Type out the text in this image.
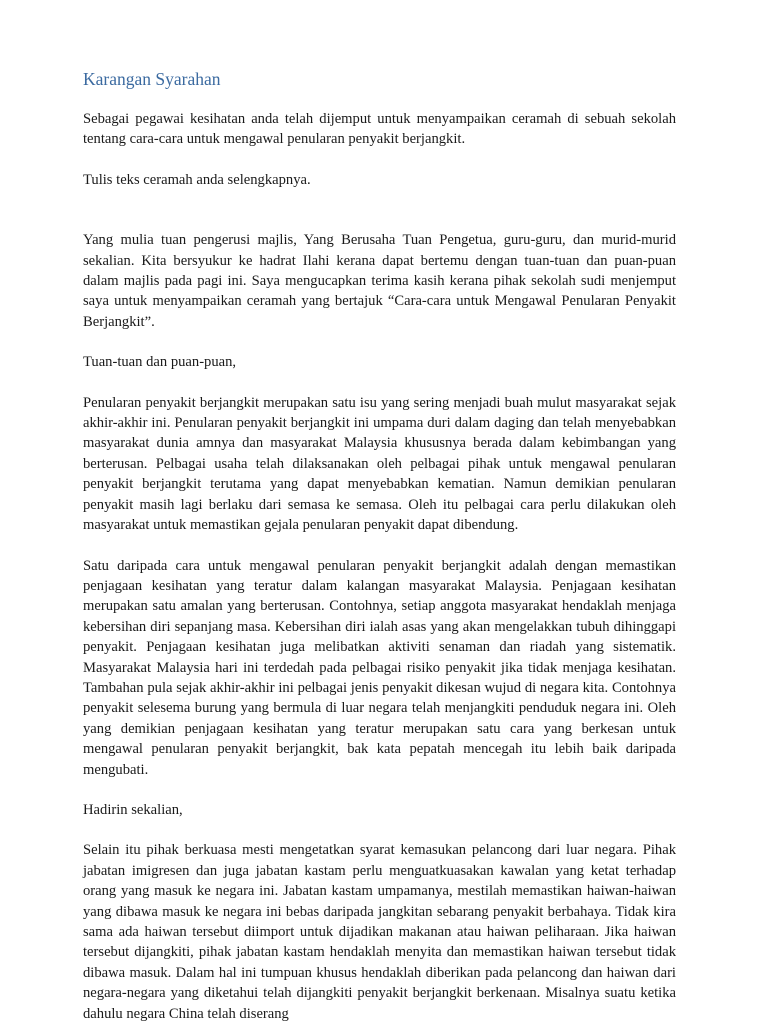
Karangan Syarahan

Sebagai pegawai kesihatan anda telah dijemput untuk menyampaikan ceramah di sebuah sekolah tentang cara-cara untuk mengawal penularan penyakit berjangkit.

Tulis teks ceramah anda selengkapnya.

Yang mulia tuan pengerusi majlis, Yang Berusaha Tuan Pengetua, guru-guru, dan murid-murid sekalian. Kita bersyukur ke hadrat Ilahi kerana dapat bertemu dengan tuan-tuan dan puan-puan dalam majlis pada pagi ini. Saya mengucapkan terima kasih kerana pihak sekolah sudi menjemput saya untuk menyampaikan ceramah yang bertajuk “Cara-cara untuk Mengawal Penularan Penyakit Berjangkit”.

Tuan-tuan dan puan-puan,

Penularan penyakit berjangkit merupakan satu isu yang sering menjadi buah mulut masyarakat sejak akhir-akhir ini. Penularan penyakit berjangkit ini umpama duri dalam daging dan telah menyebabkan masyarakat dunia amnya dan masyarakat Malaysia khususnya berada dalam kebimbangan yang berterusan. Pelbagai usaha telah dilaksanakan oleh pelbagai pihak untuk mengawal penularan penyakit berjangkit terutama yang dapat menyebabkan kematian. Namun demikian penularan penyakit masih lagi berlaku dari semasa ke semasa. Oleh itu pelbagai cara perlu dilakukan oleh masyarakat untuk memastikan gejala penularan penyakit dapat dibendung.

Satu daripada cara untuk mengawal penularan penyakit berjangkit adalah dengan memastikan penjagaan kesihatan yang teratur dalam kalangan masyarakat Malaysia. Penjagaan kesihatan merupakan satu amalan yang berterusan. Contohnya, setiap anggota masyarakat hendaklah menjaga kebersihan diri sepanjang masa. Kebersihan diri ialah asas yang akan mengelakkan tubuh dihinggapi penyakit. Penjagaan kesihatan juga melibatkan aktiviti senaman dan riadah yang sistematik. Masyarakat Malaysia hari ini terdedah pada pelbagai risiko penyakit jika tidak menjaga kesihatan. Tambahan pula sejak akhir-akhir ini pelbagai jenis penyakit dikesan wujud di negara kita. Contohnya penyakit selesema burung yang bermula di luar negara telah menjangkiti penduduk negara ini. Oleh yang demikian penjagaan kesihatan yang teratur merupakan satu cara yang berkesan untuk mengawal penularan penyakit berjangkit, bak kata pepatah mencegah itu lebih baik daripada mengubati.

Hadirin sekalian,

Selain itu pihak berkuasa mesti mengetatkan syarat kemasukan pelancong dari luar negara. Pihak jabatan imigresen dan juga jabatan kastam perlu menguatkuasakan kawalan yang ketat terhadap orang yang masuk ke negara ini. Jabatan kastam umpamanya, mestilah memastikan haiwan-haiwan yang dibawa masuk ke negara ini bebas daripada jangkitan sebarang penyakit berbahaya. Tidak kira sama ada haiwan tersebut diimport untuk dijadikan makanan atau haiwan peliharaan. Jika haiwan tersebut dijangkiti, pihak jabatan kastam hendaklah menyita dan memastikan haiwan tersebut tidak dibawa masuk. Dalam hal ini tumpuan khusus hendaklah diberikan pada pelancong dan haiwan dari negara-negara yang diketahui telah dijangkiti penyakit berjangkit berkenaan. Misalnya suatu ketika dahulu negara China telah diserang
